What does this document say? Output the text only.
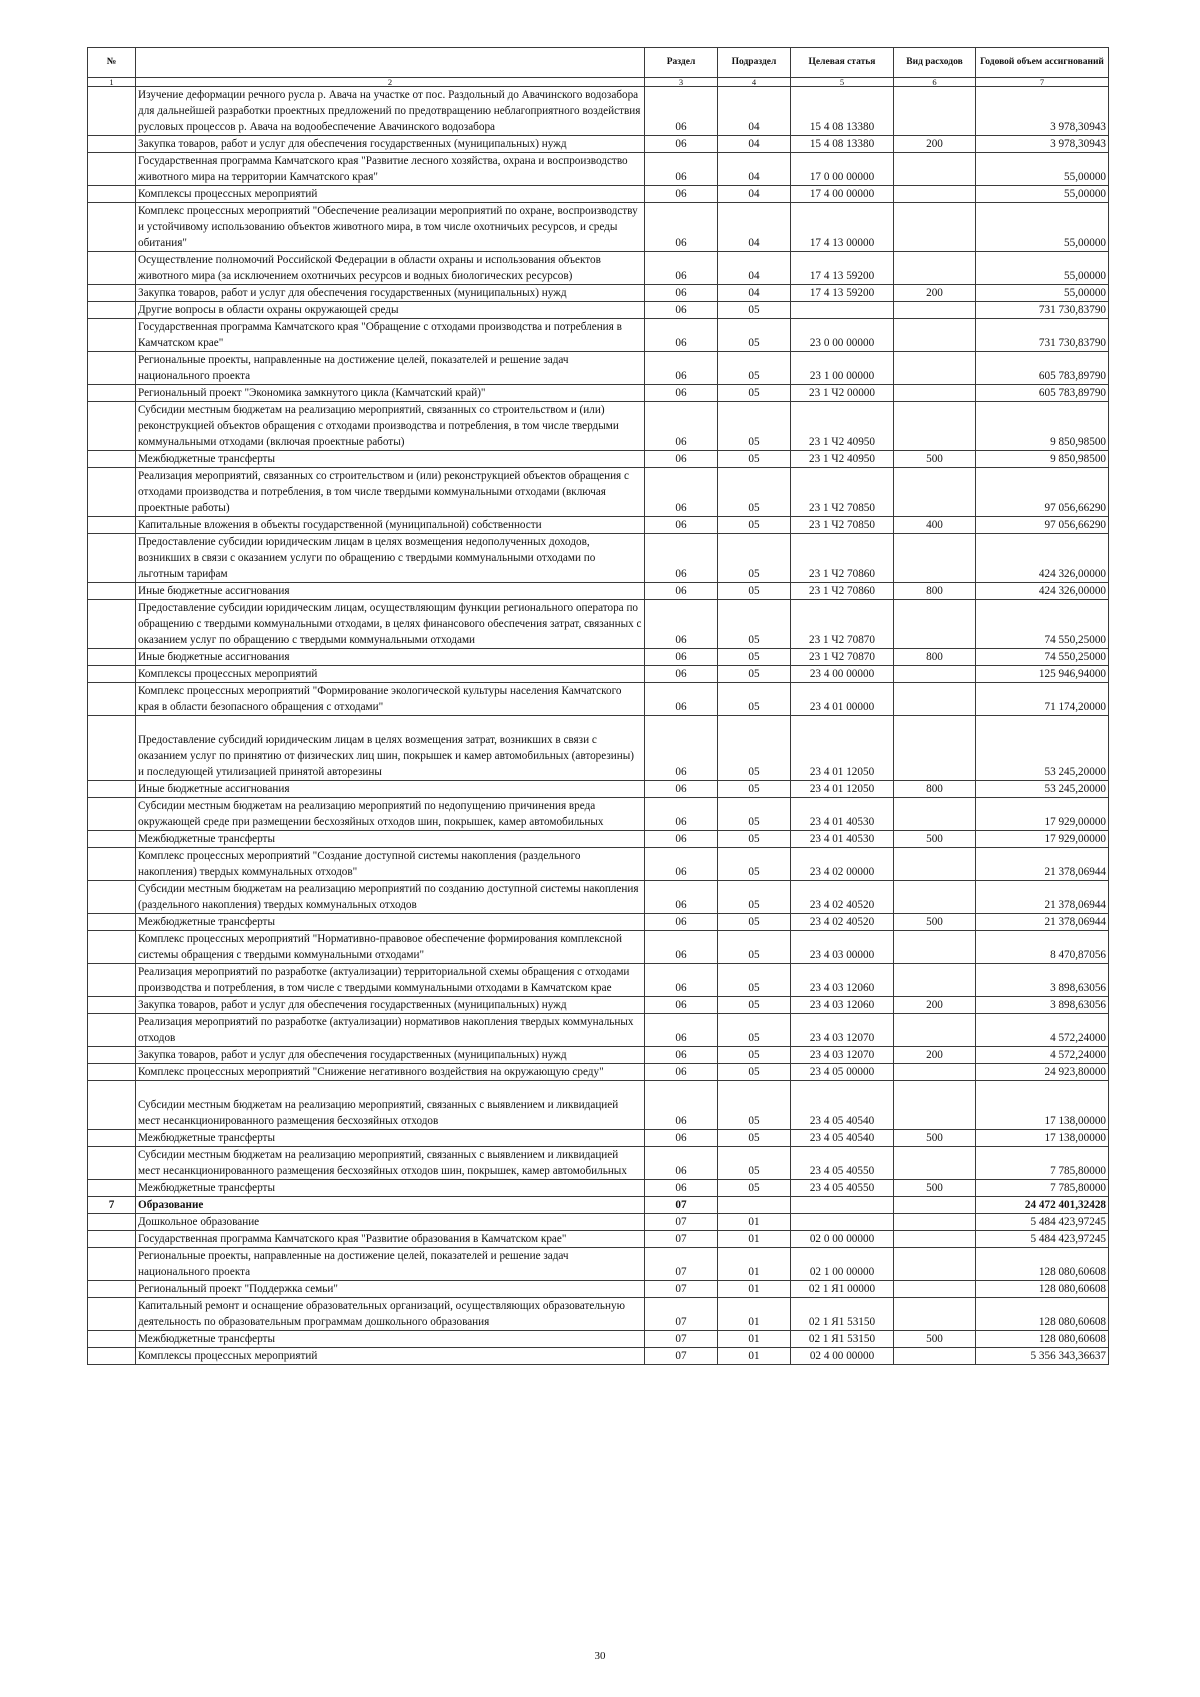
№		Раздел	Подраздел	Целевая статья	Вид расходов	Годовой объем ассигнований
1	2	3	4	5	6	7
	Изучение деформации речного русла р. Авача на участке от пос. Раздольный до Авачинского водозабора для дальнейшей разработки проектных предложений по предотвращению неблагоприятного воздействия русловых процессов р. Авача на водообеспечение Авачинского водозабора	06	04	15 4 08 13380		3 978,30943
	Закупка товаров, работ и услуг для обеспечения государственных (муниципальных) нужд	06	04	15 4 08 13380	200	3 978,30943
	Государственная программа Камчатского края "Развитие лесного хозяйства, охрана и воспроизводство животного мира на территории Камчатского края"	06	04	17 0 00 00000		55,00000
	Комплексы процессных мероприятий	06	04	17 4 00 00000		55,00000
	Комплекс процессных мероприятий "Обеспечение реализации мероприятий по охране, воспроизводству и устойчивому использованию объектов животного мира, в том числе охотничьих ресурсов, и среды обитания"	06	04	17 4 13 00000		55,00000
	Осуществление полномочий Российской Федерации в области охраны и использования объектов животного мира (за исключением охотничьих ресурсов и водных биологических ресурсов)	06	04	17 4 13 59200		55,00000
	Закупка товаров, работ и услуг для обеспечения государственных (муниципальных) нужд	06	04	17 4 13 59200	200	55,00000
	Другие вопросы в области охраны окружающей среды	06	05			731 730,83790
	Государственная программа Камчатского края "Обращение с отходами производства и потребления в Камчатском крае"	06	05	23 0 00 00000		731 730,83790
	Региональные проекты, направленные на достижение целей, показателей и решение задач национального проекта	06	05	23 1 00 00000		605 783,89790
	Региональный проект "Экономика замкнутого цикла (Камчатский край)"	06	05	23 1 Ч2 00000		605 783,89790
	Субсидии местным бюджетам на реализацию мероприятий, связанных со строительством и (или) реконструкцией объектов обращения с отходами производства и потребления, в том числе твердыми коммунальными отходами (включая проектные работы)	06	05	23 1 Ч2 40950		9 850,98500
	Межбюджетные трансферты	06	05	23 1 Ч2 40950	500	9 850,98500
	Реализация мероприятий, связанных со строительством и (или) реконструкцией объектов обращения с отходами производства и потребления, в том числе твердыми коммунальными отходами (включая проектные работы)	06	05	23 1 Ч2 70850		97 056,66290
	Капитальные вложения в объекты государственной (муниципальной) собственности	06	05	23 1 Ч2 70850	400	97 056,66290
	Предоставление субсидии юридическим лицам в целях возмещения недополученных доходов, возникших в связи с оказанием услуги по обращению с твердыми коммунальными отходами по льготным тарифам	06	05	23 1 Ч2 70860		424 326,00000
	Иные бюджетные ассигнования	06	05	23 1 Ч2 70860	800	424 326,00000
	Предоставление субсидии юридическим лицам, осуществляющим функции регионального оператора по обращению с твердыми коммунальными отходами, в целях финансового обеспечения затрат, связанных с оказанием услуг по обращению с твердыми коммунальными отходами	06	05	23 1 Ч2 70870		74 550,25000
	Иные бюджетные ассигнования	06	05	23 1 Ч2 70870	800	74 550,25000
	Комплексы процессных мероприятий	06	05	23 4 00 00000		125 946,94000
	Комплекс процессных мероприятий "Формирование экологической культуры населения Камчатского края в области безопасного обращения с отходами"	06	05	23 4 01 00000		71 174,20000
	Предоставление субсидий юридическим лицам в целях возмещения затрат, возникших в связи с оказанием услуг по принятию от физических лиц шин, покрышек и камер автомобильных (авторезины) и последующей утилизацией принятой авторезины	06	05	23 4 01 12050		53 245,20000
	Иные бюджетные ассигнования	06	05	23 4 01 12050	800	53 245,20000
	Субсидии местным бюджетам на реализацию мероприятий по недопущению причинения вреда окружающей среде при размещении бесхозяйных отходов шин, покрышек, камер автомобильных	06	05	23 4 01 40530		17 929,00000
	Межбюджетные трансферты	06	05	23 4 01 40530	500	17 929,00000
	Комплекс процессных мероприятий "Создание доступной системы накопления (раздельного накопления) твердых коммунальных отходов"	06	05	23 4 02 00000		21 378,06944
	Субсидии местным бюджетам на реализацию мероприятий по созданию доступной системы накопления (раздельного накопления) твердых коммунальных отходов	06	05	23 4 02 40520		21 378,06944
	Межбюджетные трансферты	06	05	23 4 02 40520	500	21 378,06944
	Комплекс процессных мероприятий "Нормативно-правовое обеспечение формирования комплексной системы обращения с твердыми коммунальными отходами"	06	05	23 4 03 00000		8 470,87056
	Реализация мероприятий по разработке (актуализации) территориальной схемы обращения с отходами производства и потребления, в том числе с твердыми коммунальными отходами в Камчатском крае	06	05	23 4 03 12060		3 898,63056
	Закупка товаров, работ и услуг для обеспечения государственных (муниципальных) нужд	06	05	23 4 03 12060	200	3 898,63056
	Реализация мероприятий по разработке (актуализации) нормативов накопления твердых коммунальных отходов	06	05	23 4 03 12070		4 572,24000
	Закупка товаров, работ и услуг для обеспечения государственных (муниципальных) нужд	06	05	23 4 03 12070	200	4 572,24000
	Комплекс процессных мероприятий "Снижение негативного воздействия на окружающую среду"	06	05	23 4 05 00000		24 923,80000
	Субсидии местным бюджетам на реализацию мероприятий, связанных с выявлением и ликвидацией мест несанкционированного размещения бесхозяйных отходов	06	05	23 4 05 40540		17 138,00000
	Межбюджетные трансферты	06	05	23 4 05 40540	500	17 138,00000
	Субсидии местным бюджетам на реализацию мероприятий, связанных с выявлением и ликвидацией мест несанкционированного размещения бесхозяйных отходов шин, покрышек, камер автомобильных	06	05	23 4 05 40550		7 785,80000
	Межбюджетные трансферты	06	05	23 4 05 40550	500	7 785,80000
7	Образование	07				24 472 401,32428
	Дошкольное образование	07	01			5 484 423,97245
	Государственная программа Камчатского края "Развитие образования в Камчатском крае"	07	01	02 0 00 00000		5 484 423,97245
	Региональные проекты, направленные на достижение целей, показателей и решение задач национального проекта	07	01	02 1 00 00000		128 080,60608
	Региональный проект "Поддержка семьи"	07	01	02 1 Я1 00000		128 080,60608
	Капитальный ремонт и оснащение образовательных организаций, осуществляющих образовательную деятельность по образовательным программам дошкольного образования	07	01	02 1 Я1 53150		128 080,60608
	Межбюджетные трансферты	07	01	02 1 Я1 53150	500	128 080,60608
	Комплексы процессных мероприятий	07	01	02 4 00 00000		5 356 343,36637
30
